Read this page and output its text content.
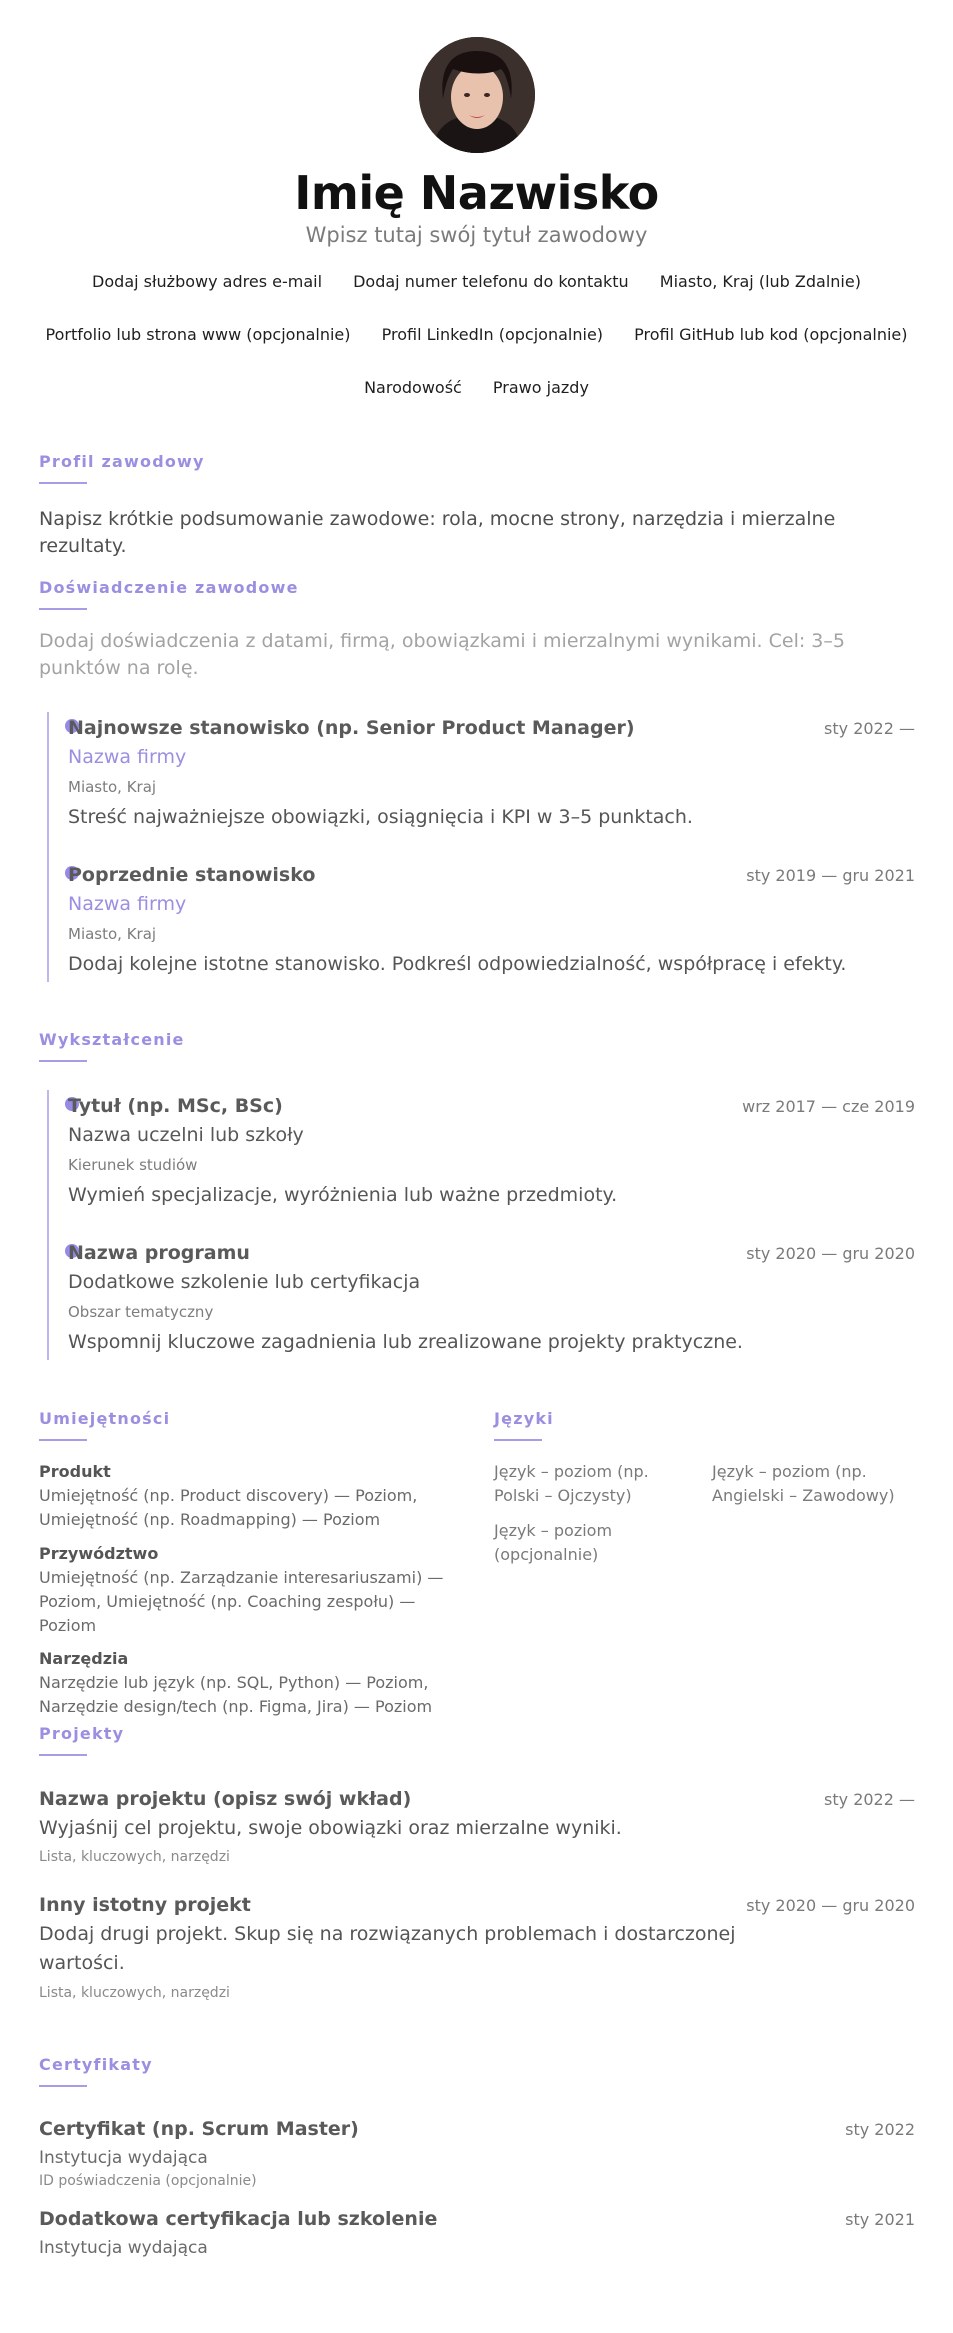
Imię Nazwisko
Wpisz tutaj swój tytuł zawodowy
Dodaj służbowy adres e-mail Dodaj numer telefonu do kontaktu Miasto, Kraj (lub Zdalnie)
Portfolio lub strona www (opcjonalnie) Profil LinkedIn (opcjonalnie) Profil GitHub lub kod (opcjonalnie)
Narodowość Prawo jazdy
Profil zawodowy
Napisz krótkie podsumowanie zawodowe: rola, mocne strony, narzędzia i mierzalne rezultaty.
Doświadczenie zawodowe
Dodaj doświadczenia z datami, firmą, obowiązkami i mierzalnymi wynikami. Cel: 3–5 punktów na rolę.
Najnowsze stanowisko (np. Senior Product Manager)	sty 2022 —
Nazwa firmy
Miasto, Kraj
Streść najważniejsze obowiązki, osiągnięcia i KPI w 3–5 punktach.
Poprzednie stanowisko	sty 2019 — gru 2021
Nazwa firmy
Miasto, Kraj
Dodaj kolejne istotne stanowisko. Podkreśl odpowiedzialność, współpracę i efekty.
Wykształcenie
Tytuł (np. MSc, BSc)	wrz 2017 — cze 2019
Nazwa uczelni lub szkoły
Kierunek studiów
Wymień specjalizacje, wyróżnienia lub ważne przedmioty.
Nazwa programu	sty 2020 — gru 2020
Dodatkowe szkolenie lub certyfikacja
Obszar tematyczny
Wspomnij kluczowe zagadnienia lub zrealizowane projekty praktyczne.
Umiejętności
Produkt
Umiejętność (np. Product discovery) — Poziom, Umiejętność (np. Roadmapping) — Poziom
Przywództwo
Umiejętność (np. Zarządzanie interesariuszami) — Poziom, Umiejętność (np. Coaching zespołu) — Poziom
Narzędzia
Narzędzie lub język (np. SQL, Python) — Poziom, Narzędzie design/tech (np. Figma, Jira) — Poziom
Języki
Język – poziom (np. Polski – Ojczysty)
Język – poziom (np. Angielski – Zawodowy)
Język – poziom (opcjonalnie)
Projekty
Nazwa projektu (opisz swój wkład)	sty 2022 —
Wyjaśnij cel projektu, swoje obowiązki oraz mierzalne wyniki.
Lista, kluczowych, narzędzi
Inny istotny projekt	sty 2020 — gru 2020
Dodaj drugi projekt. Skup się na rozwiązanych problemach i dostarczonej wartości.
Lista, kluczowych, narzędzi
Certyfikaty
Certyfikat (np. Scrum Master)	sty 2022
Instytucja wydająca
ID poświadczenia (opcjonalnie)
Dodatkowa certyfikacja lub szkolenie	sty 2021
Instytucja wydająca
